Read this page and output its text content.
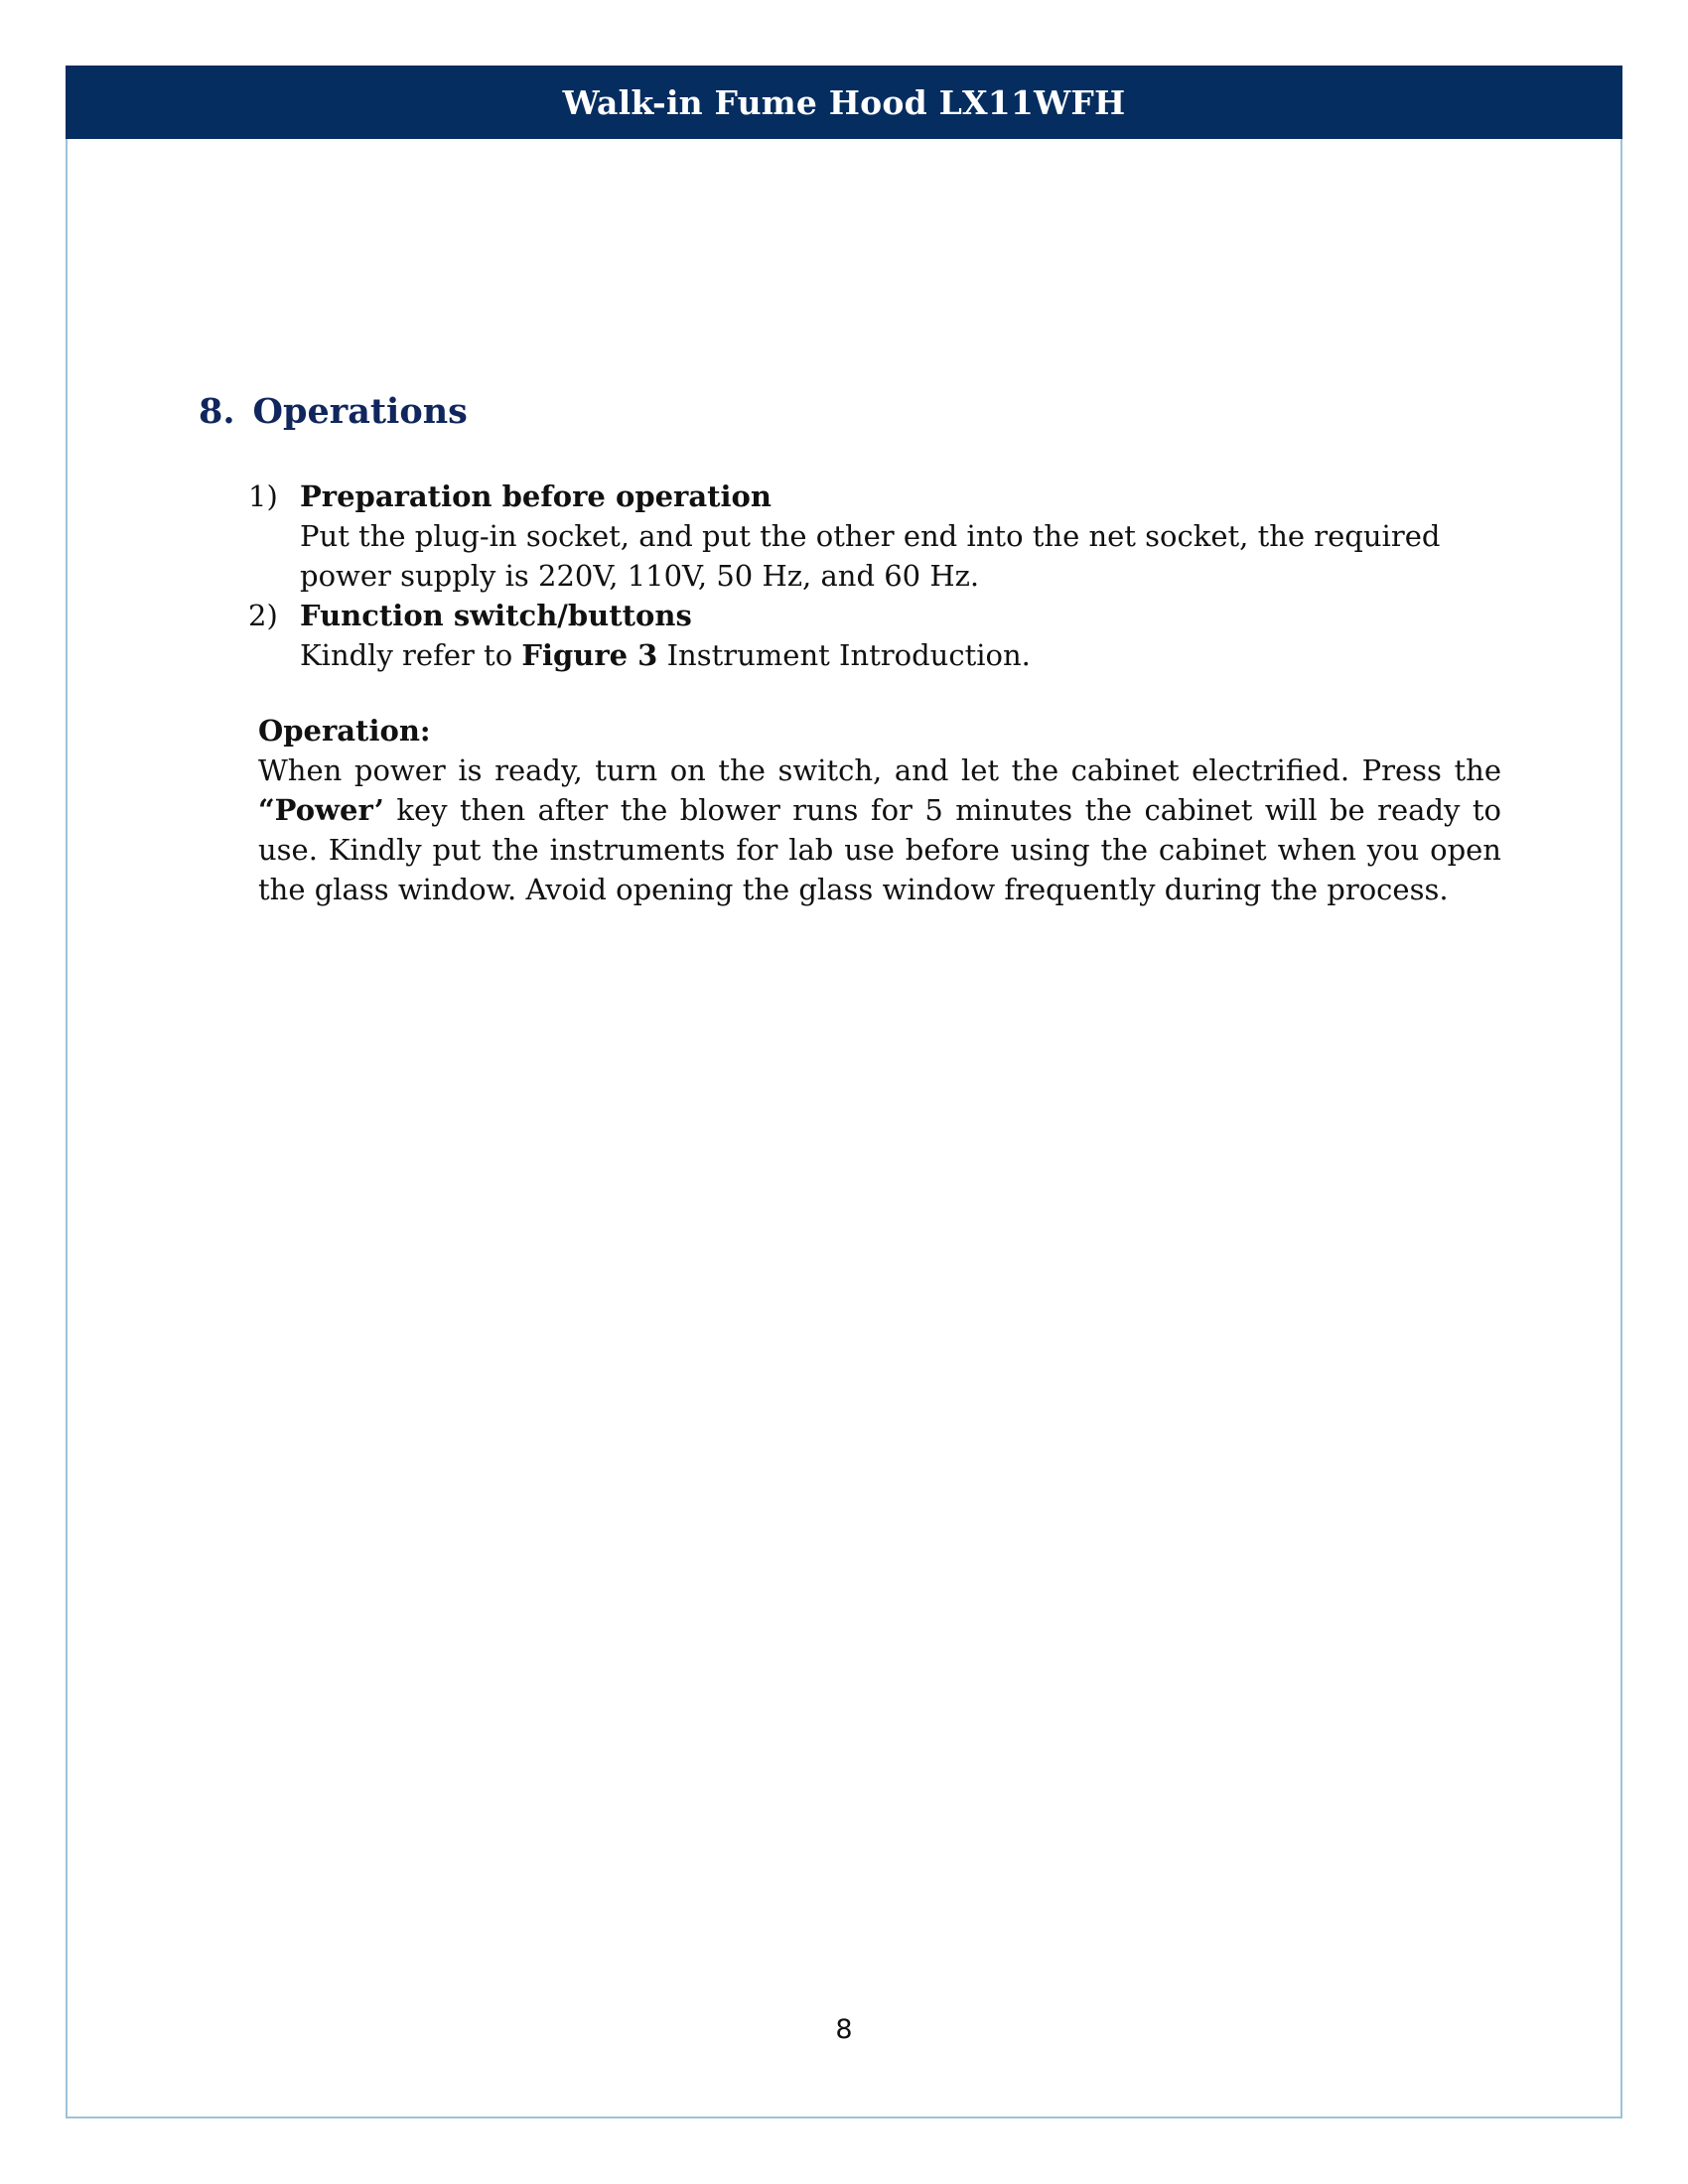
Walk-in Fume Hood LX11WFH
8. Operations
1) Preparation before operation
Put the plug-in socket, and put the other end into the net socket, the required power supply is 220V, 110V, 50 Hz, and 60 Hz.
2) Function switch/buttons
Kindly refer to Figure 3 Instrument Introduction.
Operation:
When power is ready, turn on the switch, and let the cabinet electrified. Press the “Power’ key then after the blower runs for 5 minutes the cabinet will be ready to use. Kindly put the instruments for lab use before using the cabinet when you open the glass window. Avoid opening the glass window frequently during the process.
8
